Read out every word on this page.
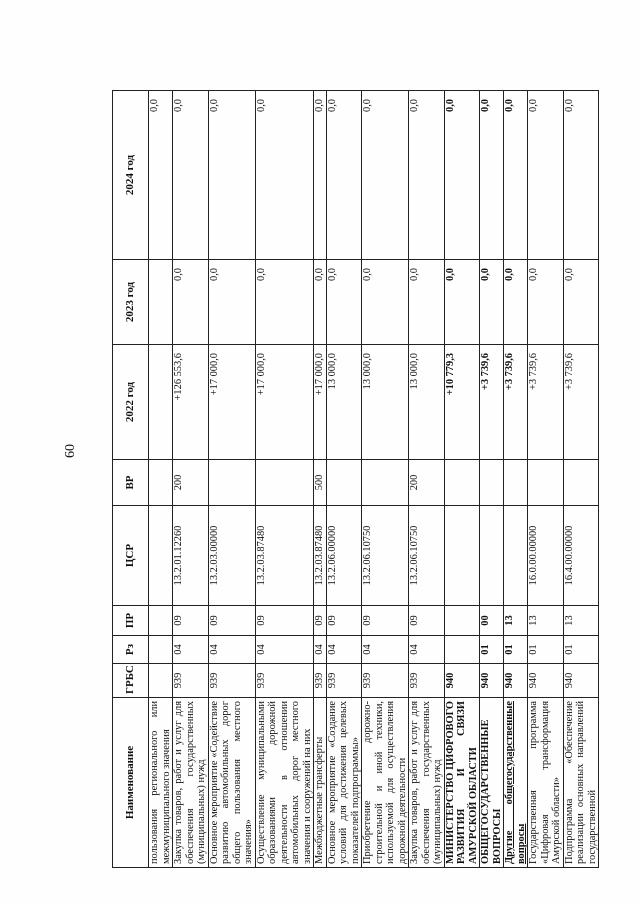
60
Наименование	ГРБС	Рз	ПР	ЦСР	ВР	2022 год	2023 год	2024 год
пользования регионального или межмуниципального значения								0,0
Закупка товаров, работ и услуг для обеспечения государственных (муниципальных) нужд	939	04	09	13.2.01.12260	200	+126 553,6	0,0	0,0
Основное мероприятие «Содействие развитию автомобильных дорог общего пользования местного значения»	939	04	09	13.2.03.00000		+17 000,0	0,0	0,0
Осуществление муниципальными образованиями дорожной деятельности в отношении автомобильных дорог местного значения и сооружений на них	939	04	09	13.2.03.87480		+17 000,0	0,0	0,0
Межбюджетные трансферты	939	04	09	13.2.03.87480	500	+17 000,0	0,0	0,0
Основное мероприятие «Создание условий для достижения целевых показателей подпрограммы»	939	04	09	13.2.06.00000		13 000,0	0,0	0,0
Приобретение дорожно-строительной и иной техники, используемой для осуществления дорожной деятельности	939	04	09	13.2.06.10750		13 000,0	0,0	0,0
Закупка товаров, работ и услуг для обеспечения государственных (муниципальных) нужд	939	04	09	13.2.06.10750	200	13 000,0	0,0	0,0
МИНИСТЕРСТВО ЦИФРОВОГО РАЗВИТИЯ И СВЯЗИ АМУРСКОЙ ОБЛАСТИ	940					+10 779,3	0,0	0,0
ОБЩЕГОСУДАРСТВЕННЫЕ ВОПРОСЫ	940	01	00			+3 739,6	0,0	0,0
Другие общегосударственные вопросы	940	01	13			+3 739,6	0,0	0,0
Государственная программа «Цифровая трансформация Амурской области»	940	01	13	16.0.00.00000		+3 739,6	0,0	0,0
Подпрограмма «Обеспечение реализации основных направлений государственной	940	01	13	16.4.00.00000		+3 739,6	0,0	0,0
